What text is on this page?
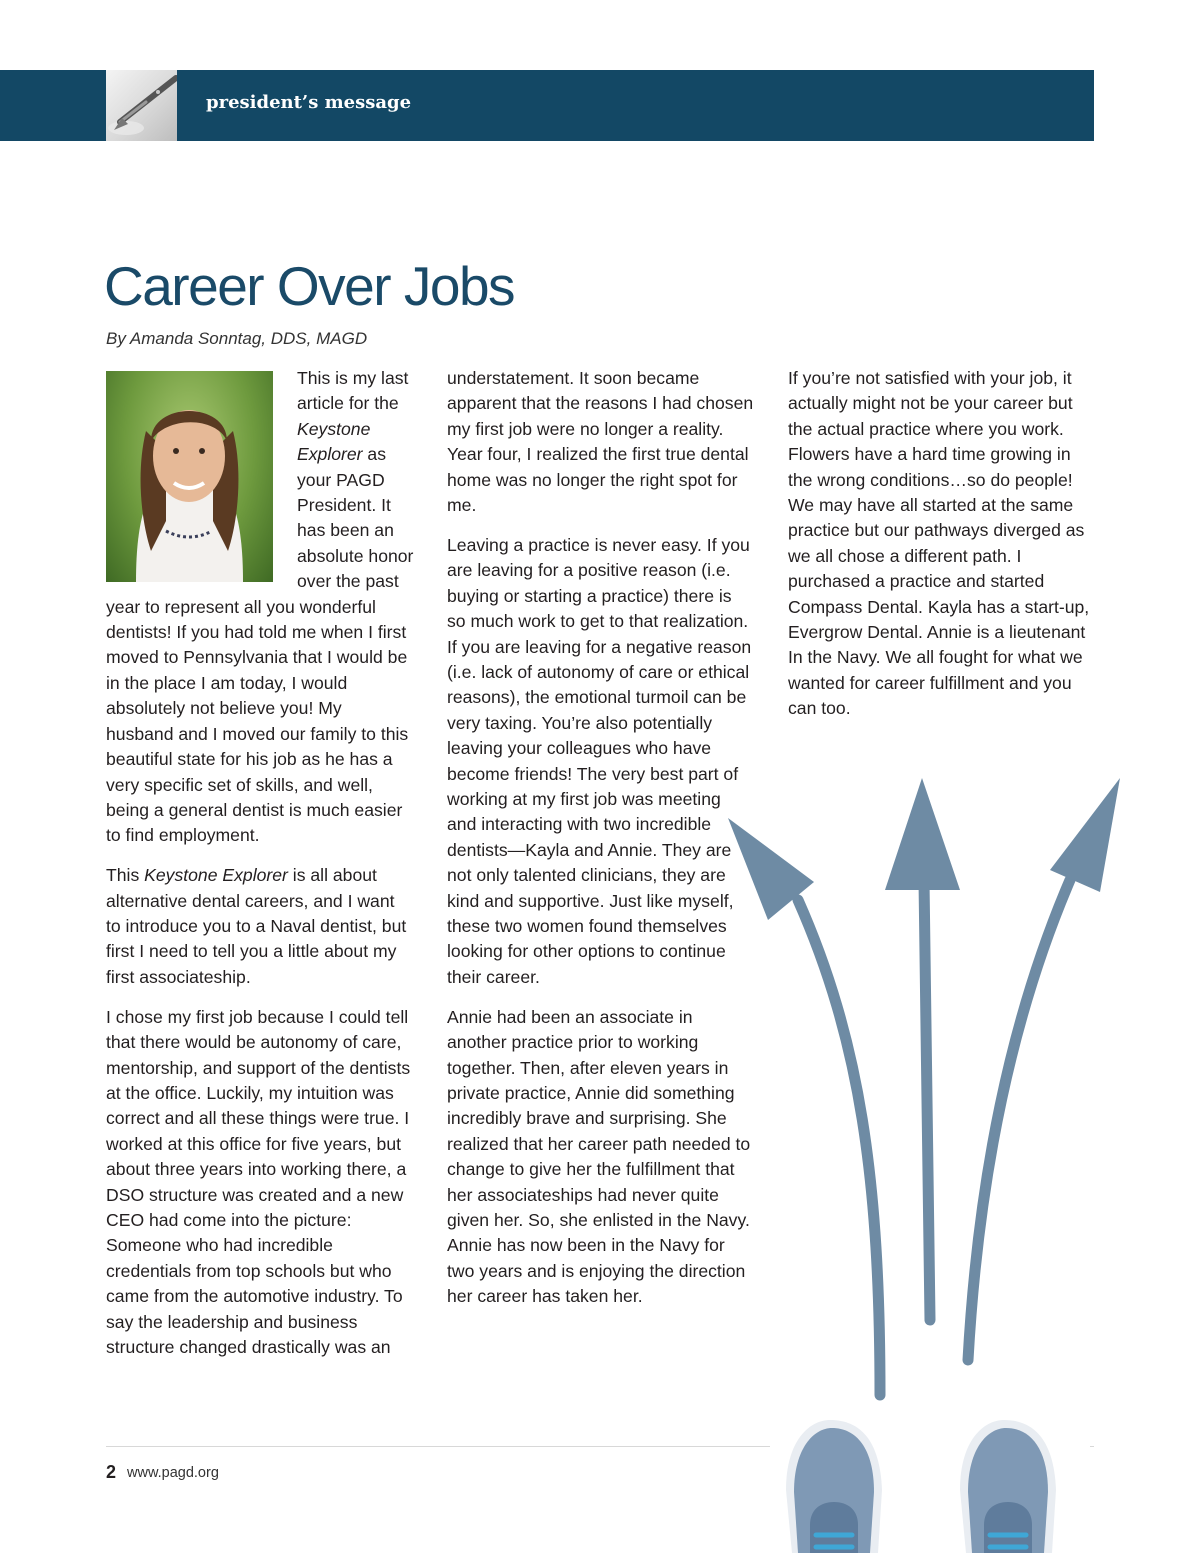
president’s message
Career Over Jobs
By Amanda Sonntag, DDS, MAGD

This is my last article for the Keystone Explorer as your PAGD President. It has been an absolute honor over the past year to represent all you wonderful dentists! If you had told me when I first moved to Pennsylvania that I would be in the place I am today, I would absolutely not believe you! My husband and I moved our family to this beautiful state for his job as he has a very specific set of skills, and well, being a general dentist is much easier to find employment.

This Keystone Explorer is all about alternative dental careers, and I want to introduce you to a Naval dentist, but first I need to tell you a little about my first associateship.

I chose my first job because I could tell that there would be autonomy of care, mentorship, and support of the dentists at the office. Luckily, my intuition was correct and all these things were true. I worked at this office for five years, but about three years into working there, a DSO structure was created and a new CEO had come into the picture: Someone who had incredible credentials from top schools but who came from the automotive industry. To say the leadership and business structure changed drastically was an

understatement. It soon became apparent that the reasons I had chosen my first job were no longer a reality. Year four, I realized the first true dental home was no longer the right spot for me.

Leaving a practice is never easy. If you are leaving for a positive reason (i.e. buying or starting a practice) there is so much work to get to that realization. If you are leaving for a negative reason (i.e. lack of autonomy of care or ethical reasons), the emotional turmoil can be very taxing. You’re also potentially leaving your colleagues who have become friends! The very best part of working at my first job was meeting and interacting with two incredible dentists—Kayla and Annie. They are not only talented clinicians, they are kind and supportive. Just like myself, these two women found themselves looking for other options to continue their career.

Annie had been an associate in another practice prior to working together. Then, after eleven years in private practice, Annie did something incredibly brave and surprising. She realized that her career path needed to change to give her the fulfillment that her associateships had never quite given her. So, she enlisted in the Navy. Annie has now been in the Navy for two years and is enjoying the direction her career has taken her.

If you’re not satisfied with your job, it actually might not be your career but the actual practice where you work. Flowers have a hard time growing in the wrong conditions…so do people! We may have all started at the same practice but our pathways diverged as we all chose a different path. I purchased a practice and started Compass Dental. Kayla has a start-up, Evergrow Dental. Annie is a lieutenant In the Navy. We all fought for what we wanted for career fulfillment and you can too.

2 www.pagd.org
